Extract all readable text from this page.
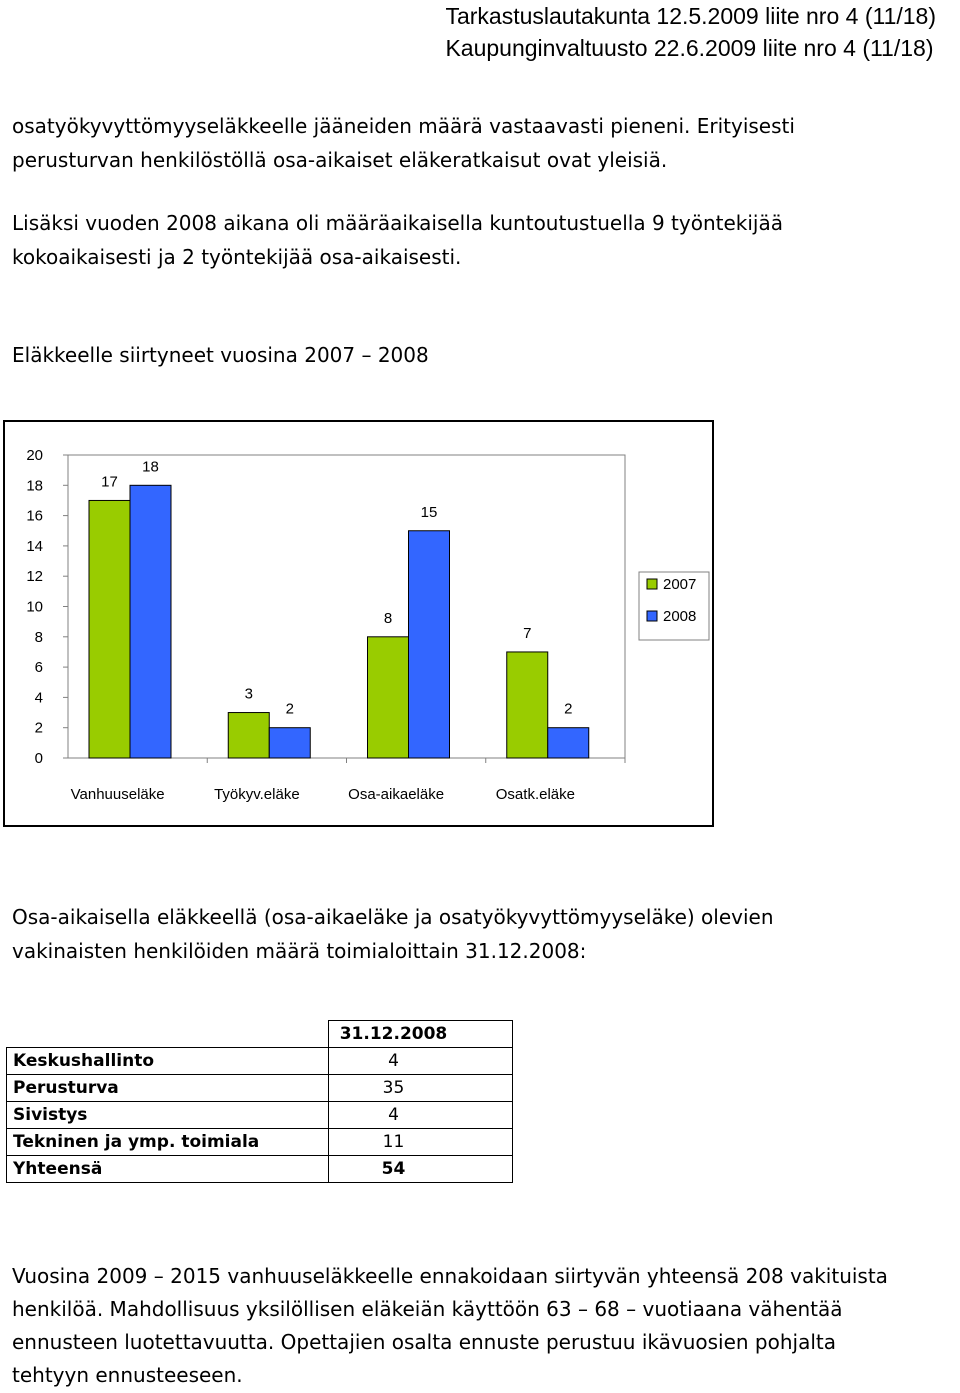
Tarkastuslautakunta 12.5.2009 liite nro 4 (11/18)
Kaupunginvaltuusto 22.6.2009 liite nro 4 (11/18)
osatyökyvyttömyyseläkkeelle jääneiden määrä vastaavasti pieneni. Erityisesti
perusturvan henkilöstöllä osa-aikaiset eläkeratkaisut ovat yleisiä.
Lisäksi vuoden 2008 aikana oli määräaikaisella kuntoutustuella 9 työntekijää
kokoaikaisesti ja 2 työntekijää osa-aikaisesti.
Eläkkeelle siirtyneet vuosina 2007 – 2008
0
2
4
6
8
10
12
14
16
18
20
17
18
Vanhuuseläke
3
2
Työkyv.eläke
8
15
Osa-aikaeläke
7
2
Osatk.eläke
2007
2008
Osa-aikaisella eläkkeellä (osa-aikaeläke ja osatyökyvyttömyyseläke) olevien
vakinaisten henkilöiden määrä toimialoittain 31.12.2008:
	31.12.2008
Keskushallinto	4
Perusturva	35
Sivistys	4
Tekninen ja ymp. toimiala	11
Yhteensä	54
Vuosina 2009 – 2015 vanhuuseläkkeelle ennakoidaan siirtyvän yhteensä 208 vakituista
henkilöä. Mahdollisuus yksilöllisen eläkeiän käyttöön 63 – 68 – vuotiaana vähentää
ennusteen luotettavuutta. Opettajien osalta ennuste perustuu ikävuosien pohjalta
tehtyyn ennusteeseen.
